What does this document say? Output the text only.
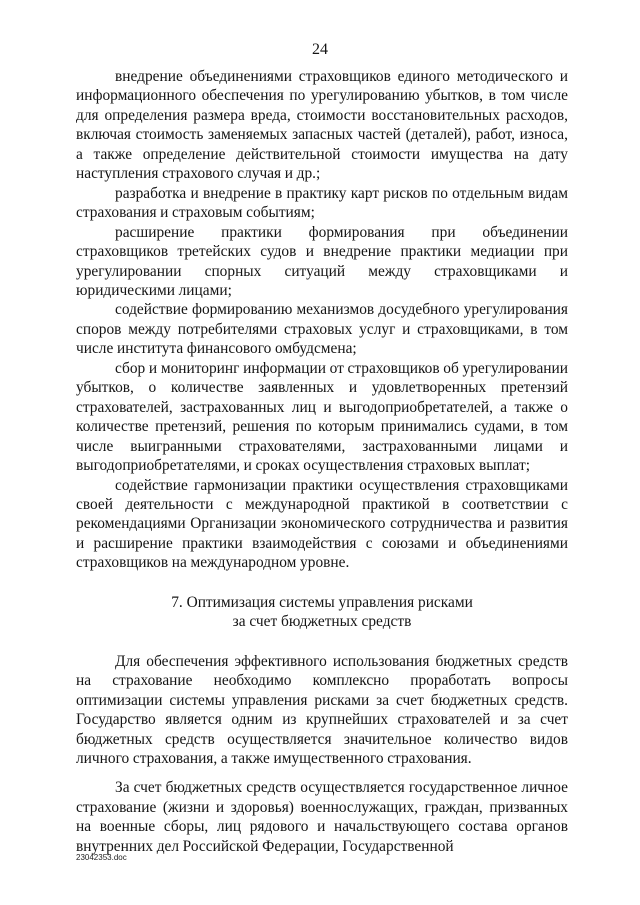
24

внедрение объединениями страховщиков единого методического и информационного обеспечения по урегулированию убытков, в том числе для определения размера вреда, стоимости восстановительных расходов, включая стоимость заменяемых запасных частей (деталей), работ, износа, а также определение действительной стоимости имущества на дату наступления страхового случая и др.;

разработка и внедрение в практику карт рисков по отдельным видам страхования и страховым событиям;

расширение практики формирования при объединении страховщиков третейских судов и внедрение практики медиации при урегулировании спорных ситуаций между страховщиками и юридическими лицами;

содействие формированию механизмов досудебного урегулирования споров между потребителями страховых услуг и страховщиками, в том числе института финансового омбудсмена;

сбор и мониторинг информации от страховщиков об урегулировании убытков, о количестве заявленных и удовлетворенных претензий страхователей, застрахованных лиц и выгодоприобретателей, а также о количестве претензий, решения по которым принимались судами, в том числе выигранными страхователями, застрахованными лицами и выгодоприобретателями, и сроках осуществления страховых выплат;

содействие гармонизации практики осуществления страховщиками своей деятельности с международной практикой в соответствии с рекомендациями Организации экономического сотрудничества и развития и расширение практики взаимодействия с союзами и объединениями страховщиков на международном уровне.

7. Оптимизация системы управления рисками
за счет бюджетных средств

Для обеспечения эффективного использования бюджетных средств на страхование необходимо комплексно проработать вопросы оптимизации системы управления рисками за счет бюджетных средств. Государство является одним из крупнейших страхователей и за счет бюджетных средств осуществляется значительное количество видов личного страхования, а также имущественного страхования.

За счет бюджетных средств осуществляется государственное личное страхование (жизни и здоровья) военнослужащих, граждан, призванных на военные сборы, лиц рядового и начальствующего состава органов внутренних дел Российской Федерации, Государственной

23042353.doc
